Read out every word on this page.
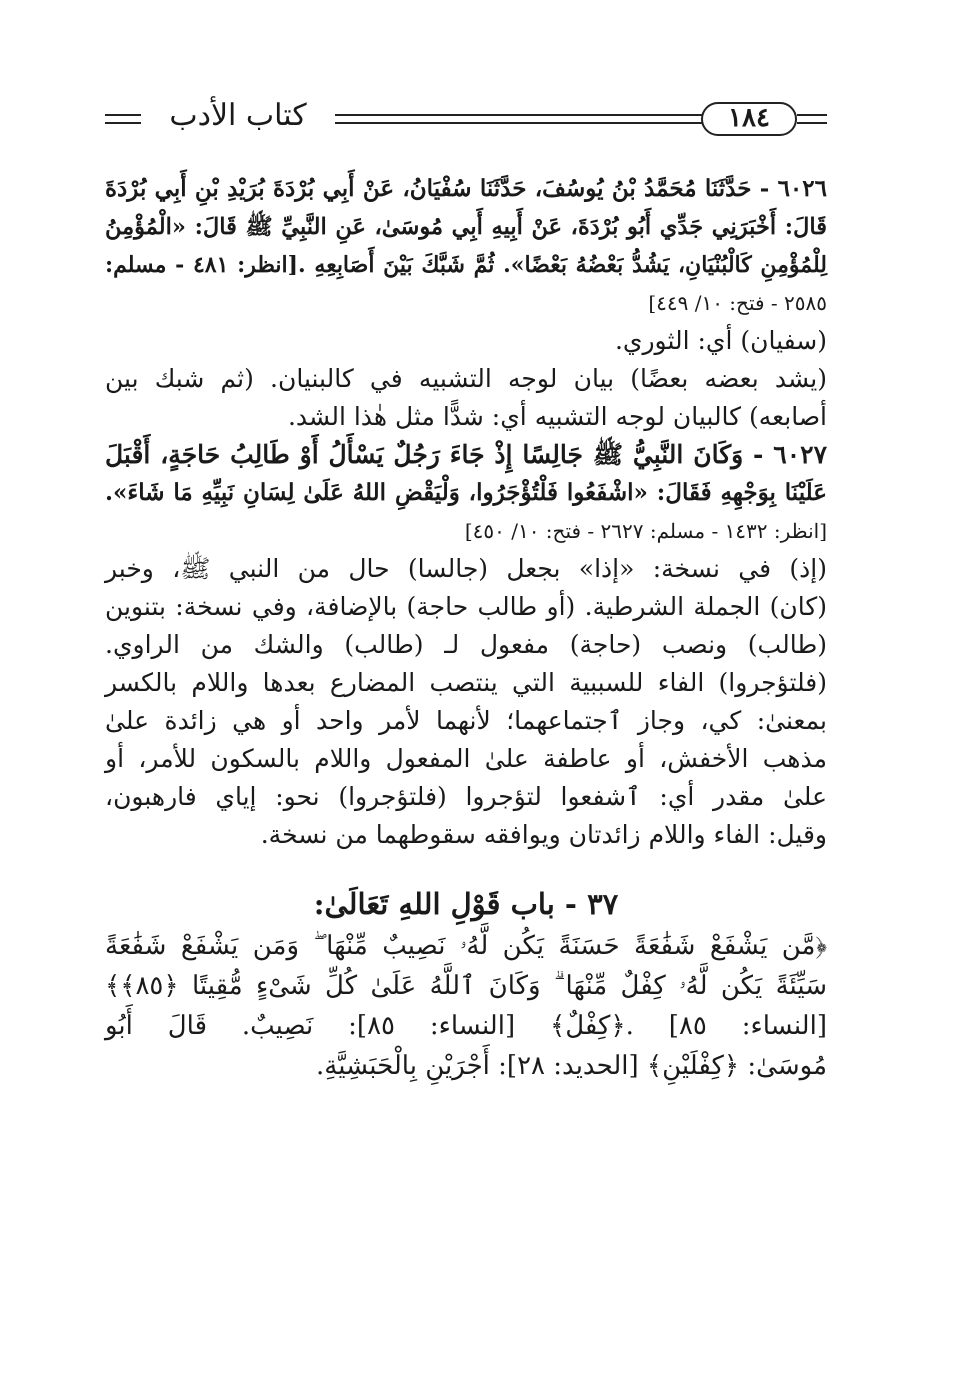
كتاب الأدب	١٨٤
٦٠٢٦ - حَدَّثَنَا مُحَمَّدُ بْنُ يُوسُفَ، حَدَّثَنَا سُفْيَانُ، عَنْ أَبِي بُرْدَةَ بُرَيْدِ بْنِ أَبِي بُرْدَةَ
قَالَ: أَخْبَرَنِي جَدِّي أَبُو بُرْدَةَ، عَنْ أَبِيهِ أَبِي مُوسَىٰ، عَنِ النَّبِيِّ ﷺ قَالَ: «الْمُؤْمِنُ
لِلْمُؤْمِنِ كَالْبُنْيَانِ، يَشُدُّ بَعْضُهُ بَعْضًا». ثُمَّ شَبَّكَ بَيْنَ أَصَابِعِهِ .[انظر: ٤٨١ - مسلم:
٢٥٨٥ - فتح: ١٠/ ٤٤٩]
(سفيان) أي: الثوري.
(يشد بعضه بعضًا) بيان لوجه التشبيه في كالبنيان. (ثم شبك بين
أصابعه) كالبيان لوجه التشبيه أي: شدًّا مثل هٰذا الشد.
٦٠٢٧ - وَكَانَ النَّبِيُّ ﷺ جَالِسًا إِذْ جَاءَ رَجُلٌ يَسْأَلُ أَوْ طَالِبُ حَاجَةٍ، أَقْبَلَ
عَلَيْنَا بِوَجْهِهِ فَقَالَ: «اشْفَعُوا فَلْتُؤْجَرُوا، وَلْيَقْضِ اللهُ عَلَىٰ لِسَانِ نَبِيِّهِ مَا شَاءَ».
[انظر: ١٤٣٢ - مسلم: ٢٦٢٧ - فتح: ١٠/ ٤٥٠]
(إذ) في نسخة: «إذا» بجعل (جالسا) حال من النبي ﷺ، وخبر
(كان) الجملة الشرطية. (أو طالب حاجة) بالإضافة، وفي نسخة: بتنوين
(طالب) ونصب (حاجة) مفعول لـ (طالب) والشك من الراوي.
(فلتؤجروا) الفاء للسببية التي ينتصب المضارع بعدها واللام بالكسر
بمعنىٰ: كي، وجاز ٱجتماعهما؛ لأنهما لأمر واحد أو هي زائدة علىٰ
مذهب الأخفش، أو عاطفة علىٰ المفعول واللام بالسكون للأمر، أو
علىٰ مقدر أي: ٱشفعوا لتؤجروا (فلتؤجروا) نحو: إياي فارهبون،
وقيل: الفاء واللام زائدتان ويوافقه سقوطهما من نسخة.
٣٧ - باب قَوْلِ اللهِ تَعَالَىٰ:
﴿مَّن يَشْفَعْ شَفَٰعَةً حَسَنَةً يَكُن لَّهُۥ نَصِيبٌ مِّنْهَا ۖ وَمَن يَشْفَعْ شَفَٰعَةً
سَيِّئَةً يَكُن لَّهُۥ كِفْلٌ مِّنْهَا ۗ وَكَانَ ٱللَّهُ عَلَىٰ كُلِّ شَىْءٍ مُّقِيتًا ﴿٨٥﴾﴾
[النساء: ٨٥] .﴿كِفْلٌ﴾ [النساء: ٨٥]: نَصِيبٌ. قَالَ أَبُو
مُوسَىٰ: ﴿كِفْلَيْنِ﴾ [الحديد: ٢٨]: أَجْرَيْنِ بِالْحَبَشِيَّةِ.
